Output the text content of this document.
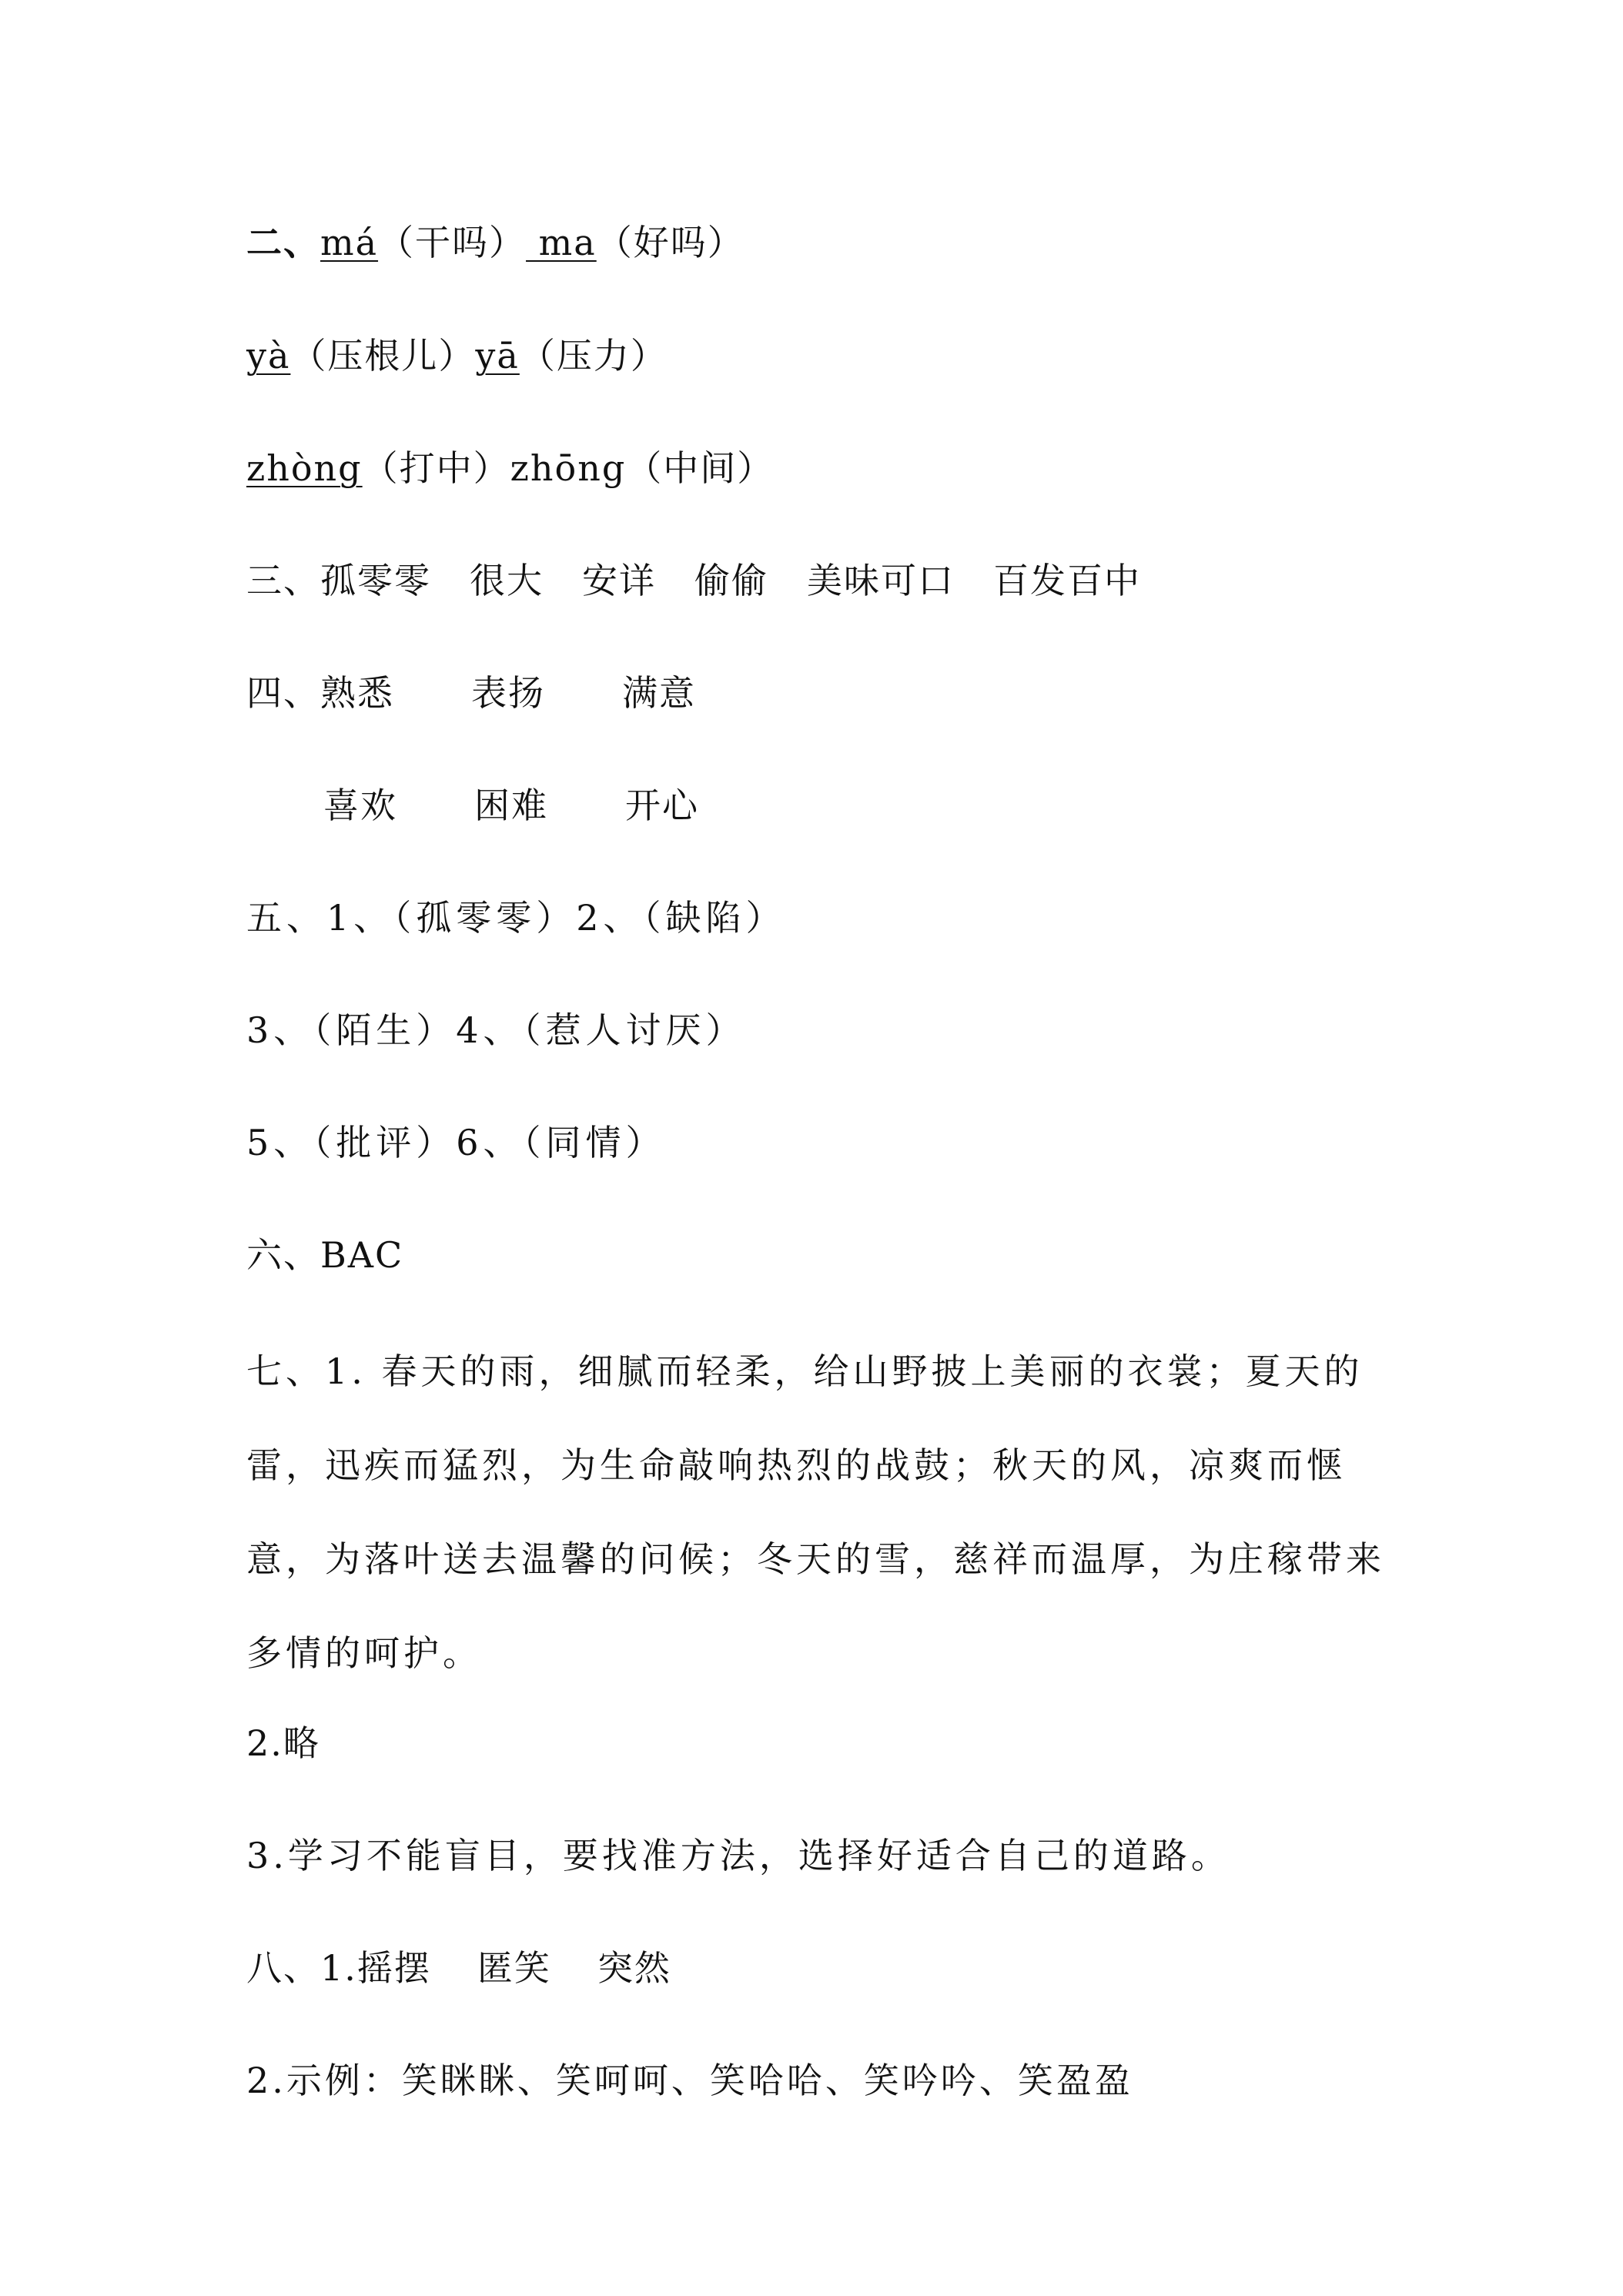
二、má（干吗） ma（好吗）
yà（压根儿）yā（压力）
zhòng（打中）zhōng（中间）
三、孤零零 很大 安详 偷偷 美味可口 百发百中
四、熟悉 表扬 满意
喜欢 困难 开心
五、1、（孤零零）2、（缺陷）
3、（陌生）4、（惹人讨厌）
5、（批评）6、（同情）
六、BAC
七、1. 春天的雨，细腻而轻柔，给山野披上美丽的衣裳；夏天的雷，迅疾而猛烈，为生命敲响热烈的战鼓；秋天的风，凉爽而惬意，为落叶送去温馨的问候；冬天的雪，慈祥而温厚，为庄稼带来多情的呵护。
2.略
3.学习不能盲目，要找准方法，选择好适合自己的道路。
八、1.摇摆 匿笑 突然
2.示例：笑眯眯、笑呵呵、笑哈哈、笑吟吟、笑盈盈
